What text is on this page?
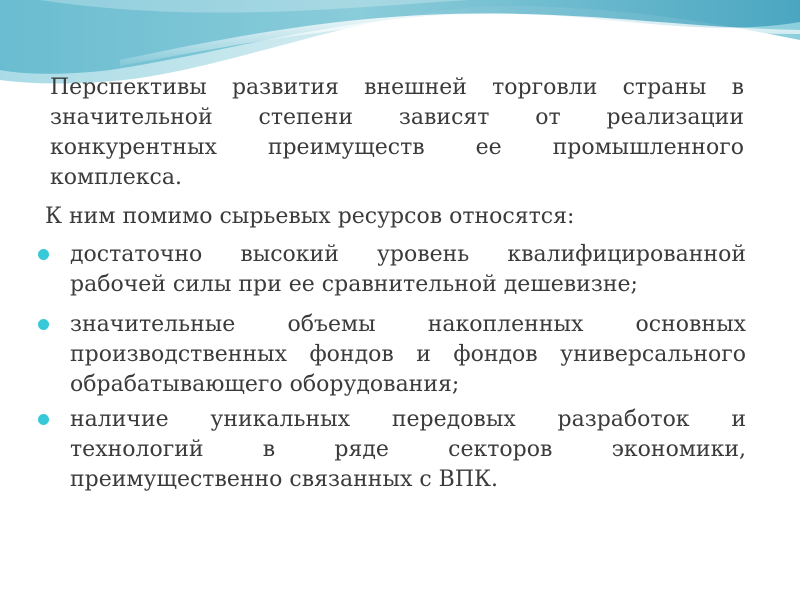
Перспективы развития внешней торговли страны в значительной степени зависят от реализации конкурентных преимуществ ее промышленного комплекса.

К ним помимо сырьевых ресурсов относятся:

достаточно высокий уровень квалифицированной рабочей силы при ее сравнительной дешевизне;
значительные объемы накопленных основных производственных фондов и фондов универсального обрабатывающего оборудования;
наличие уникальных передовых разработок и технологий в ряде секторов экономики, преимущественно связанных с ВПК.
